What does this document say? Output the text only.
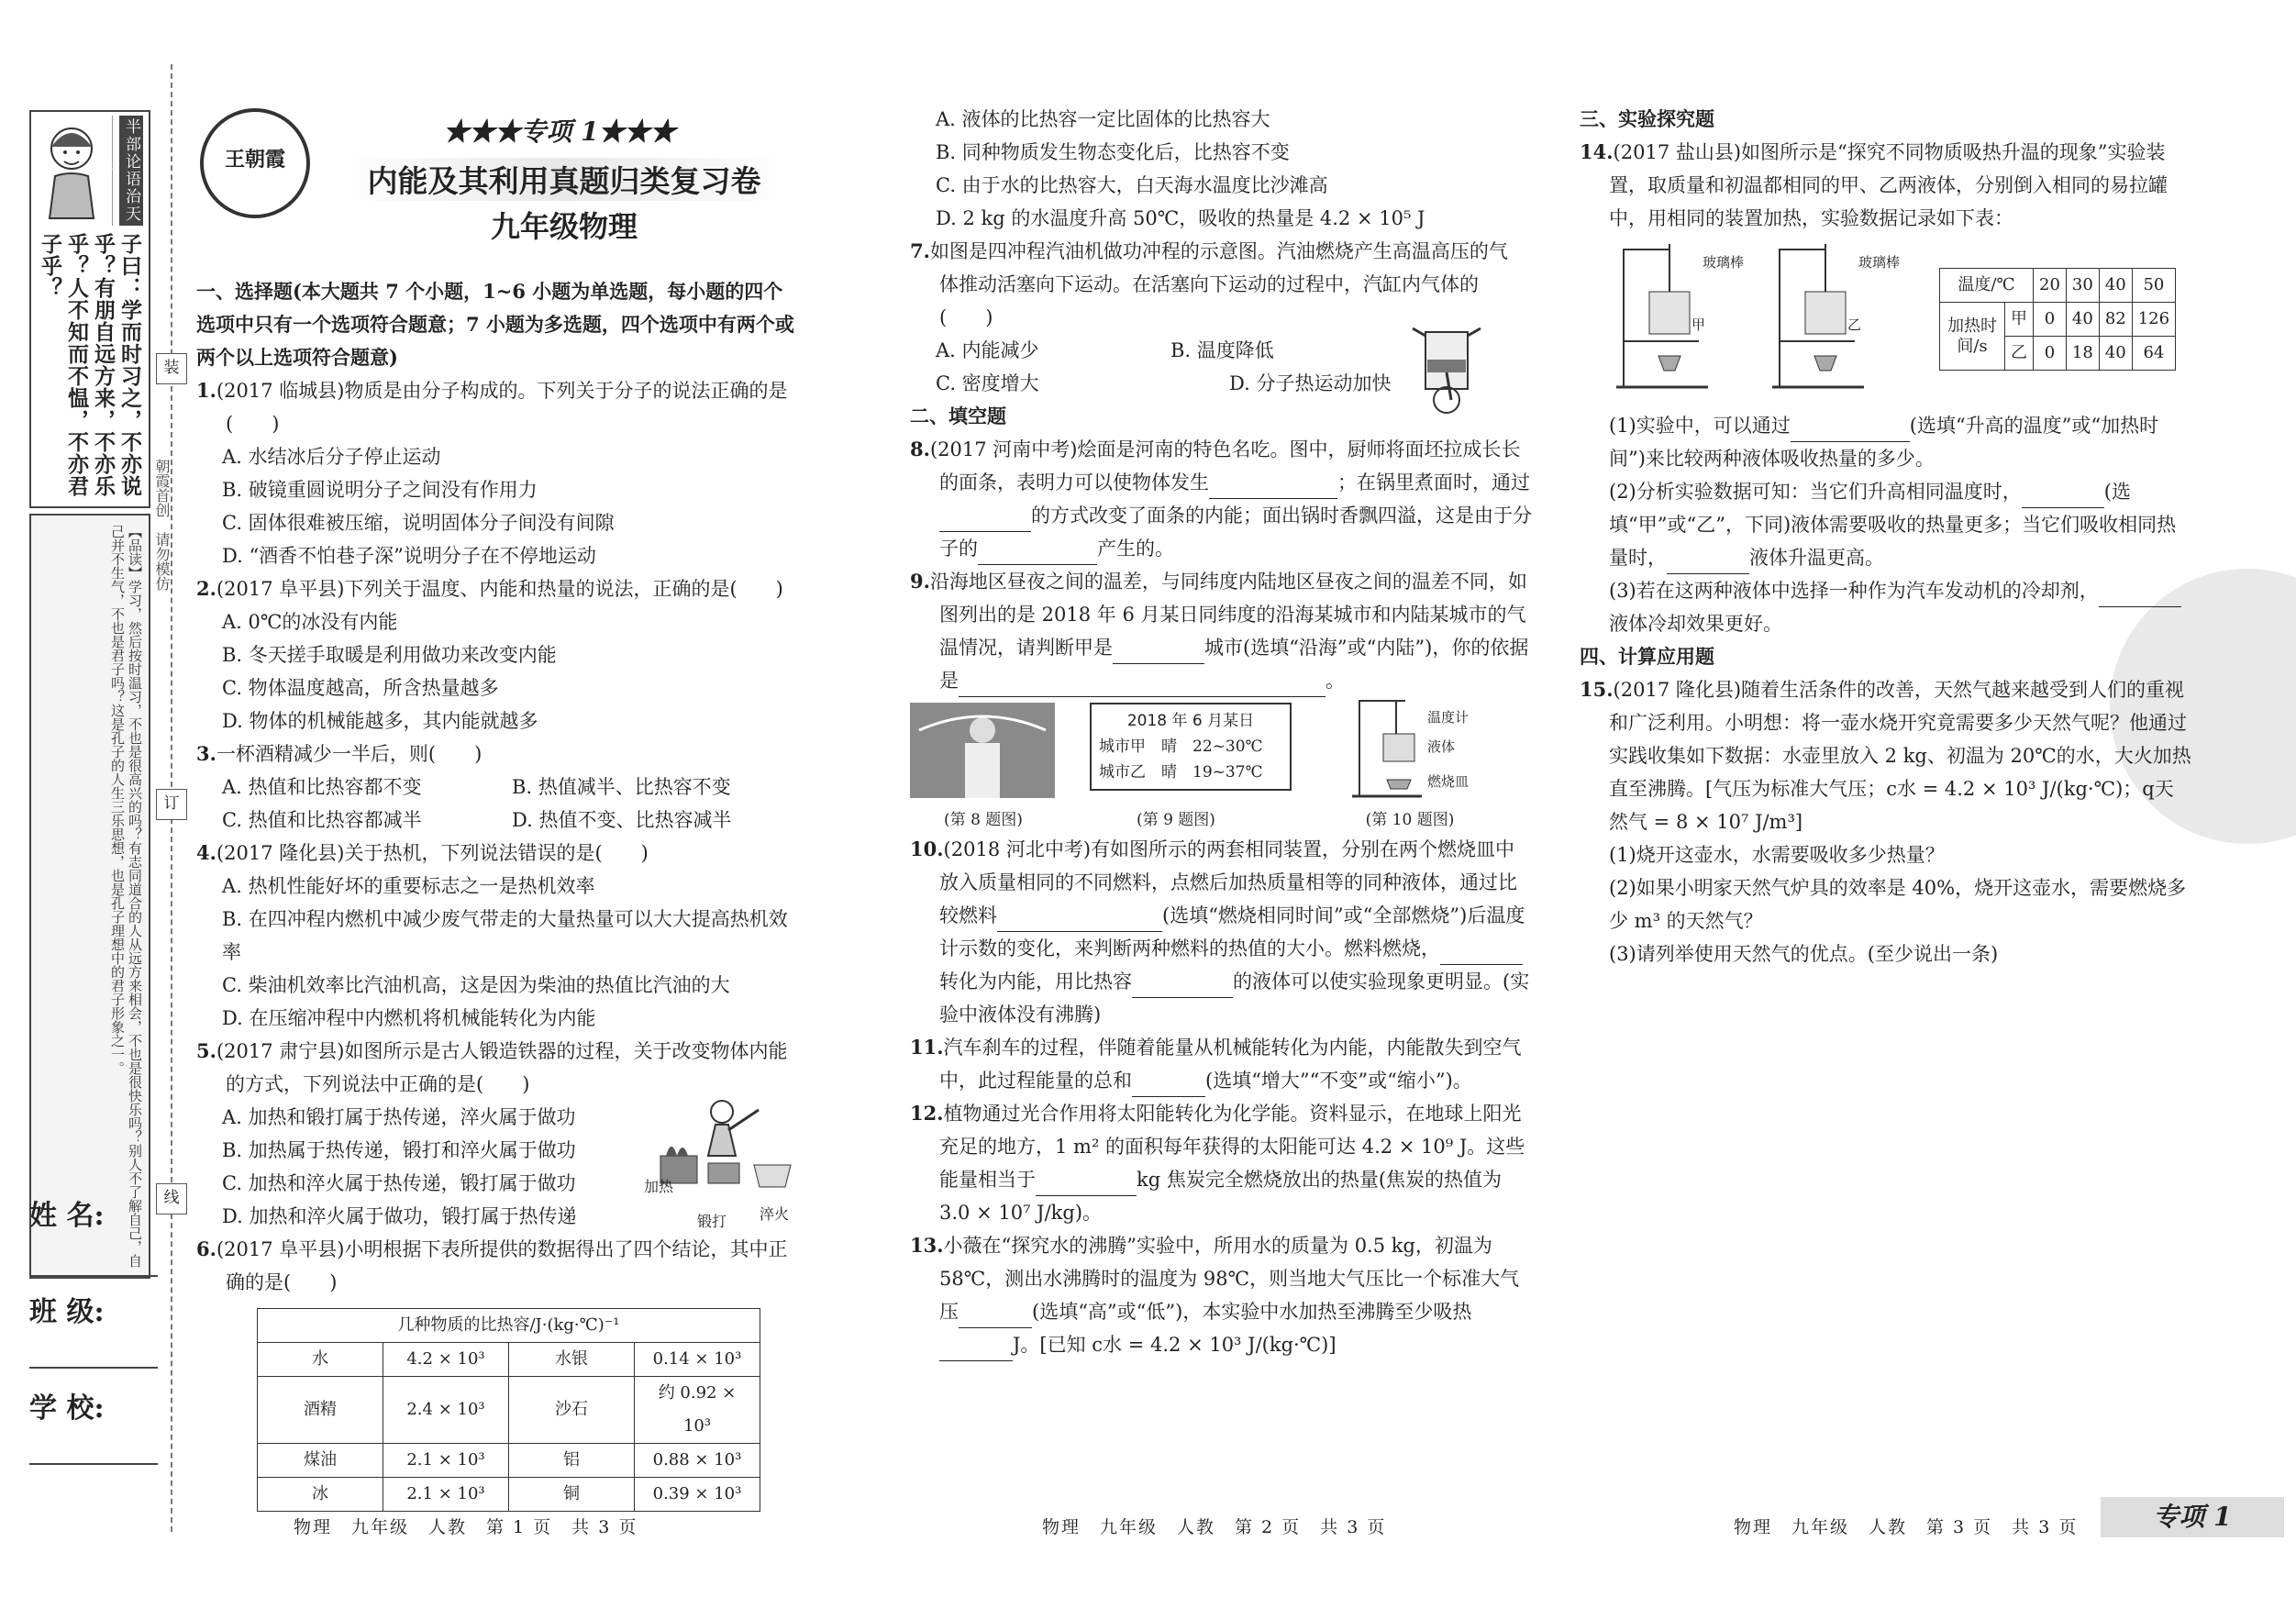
半部论语治天下
子曰：学而时习之，不亦说乎？有朋自远方来，不亦乐乎？人不知而不愠，不亦君子乎？
【品读】学习，然后按时温习，不也是很高兴的吗？有志同道合的人从远方来相会，不也是很快乐吗？别人不了解自己，自己并不生气，不也是君子吗？这是孔子的人生三乐思想，也是孔子理想中的君子形象之一。
装
订
线
朝霞首创　请勿模仿
姓 名:
班 级:
学 校:
王朝霞
★★★专项 1★★★
内能及其利用真题归类复习卷
九年级物理

一、选择题(本大题共 7 个小题，1~6 小题为单选题，每小题的四个选项中只有一个选项符合题意；7 小题为多选题，四个选项中有两个或两个以上选项符合题意)

1.(2017 临城县)物质是由分子构成的。下列关于分子的说法正确的是(　　)

A. 水结冰后分子停止运动

B. 破镜重圆说明分子之间没有作用力

C. 固体很难被压缩，说明固体分子间没有间隙

D. “酒香不怕巷子深”说明分子在不停地运动

2.(2017 阜平县)下列关于温度、内能和热量的说法，正确的是(　　)

A. 0℃的冰没有内能

B. 冬天搓手取暖是利用做功来改变内能

C. 物体温度越高，所含热量越多

D. 物体的机械能越多，其内能就越多

3.一杯酒精减少一半后，则(　　)

A. 热值和比热容都不变	B. 热值减半、比热容不变
C. 热值和比热容都减半	D. 热值不变、比热容减半

4.(2017 隆化县)关于热机，下列说法错误的是(　　)

A. 热机性能好坏的重要标志之一是热机效率

B. 在四冲程内燃机中减少废气带走的大量热量可以大大提高热机效率

C. 柴油机效率比汽油机高，这是因为柴油的热值比汽油的大

D. 在压缩冲程中内燃机将机械能转化为内能

5.(2017 肃宁县)如图所示是古人锻造铁器的过程，关于改变物体内能的方式，下列说法中正确的是(　　)

A. 加热和锻打属于热传递，淬火属于做功

B. 加热属于热传递，锻打和淬火属于做功

C. 加热和淬火属于热传递，锻打属于做功

D. 加热和淬火属于做功，锻打属于热传递

加热
锻打 淬火

6.(2017 阜平县)小明根据下表所提供的数据得出了四个结论，其中正确的是(　　)

几种物质的比热容/J·(kg·℃)⁻¹			
水	4.2 × 10³	水银	0.14 × 10³
酒精	2.4 × 10³	沙石	约 0.92 × 10³
煤油	2.1 × 10³	铝	0.88 × 10³
冰	2.1 × 10³	铜	0.39 × 10³

A. 液体的比热容一定比固体的比热容大

B. 同种物质发生物态变化后，比热容不变

C. 由于水的比热容大，白天海水温度比沙滩高

D. 2 kg 的水温度升高 50℃，吸收的热量是 4.2 × 10⁵ J

7.如图是四冲程汽油机做功冲程的示意图。汽油燃烧产生高温高压的气体推动活塞向下运动。在活塞向下运动的过程中，汽缸内气体的(　　)

A. 内能减少	B. 温度降低
C. 密度增大	D. 分子热运动加快

二、填空题

8.(2017 河南中考)烩面是河南的特色名吃。图中，厨师将面坯拉成长长的面条，表明力可以使物体发生	；在锅里煮面时，通过的方式改变了面条的内能；面出锅时香飘四溢，这是由于分子的	产生的。

9.沿海地区昼夜之间的温差，与同纬度内陆地区昼夜之间的温差不同，如图列出的是 2018 年 6 月某日同纬度的沿海某城市和内陆某城市的气温情况，请判断甲是	城市(选填“沿海”或“内陆”)，你的依据是	。

2018 年 6 月某日
城市甲　晴　22~30℃
城市乙　晴　19~37℃
温度计
液体
燃烧皿
(第 8 题图)	(第 9 题图)	(第 10 题图)

10.(2018 河北中考)有如图所示的两套相同装置，分别在两个燃烧皿中放入质量相同的不同燃料，点燃后加热质量相等的同种液体，通过比较燃料	(选填“燃烧相同时间”或“全部燃烧”)后温度计示数的变化，来判断两种燃料的热值的大小。燃料燃烧，转化为内能，用比热容	的液体可以使实验现象更明显。(实验中液体没有沸腾)

11.汽车刹车的过程，伴随着能量从机械能转化为内能，内能散失到空气中，此过程能量的总和	(选填“增大”“不变”或“缩小”)。

12.植物通过光合作用将太阳能转化为化学能。资料显示，在地球上阳光充足的地方，1 m² 的面积每年获得的太阳能可达 4.2 × 10⁹ J。这些能量相当于	kg 焦炭完全燃烧放出的热量(焦炭的热值为 3.0 × 10⁷ J/kg)。

13.小薇在“探究水的沸腾”实验中，所用水的质量为 0.5 kg，初温为 58℃，测出水沸腾时的温度为 98℃，则当地大气压比一个标准大气压	(选填“高”或“低”)，本实验中水加热至沸腾至少吸热J。[已知 c水 = 4.2 × 10³ J/(kg·℃)]

三、实验探究题

14.(2017 盐山县)如图所示是“探究不同物质吸热升温的现象”实验装置，取质量和初温都相同的甲、乙两液体，分别倒入相同的易拉罐中，用相同的装置加热，实验数据记录如下表：

玻璃棒
甲
玻璃棒
乙
温度/℃		20	30	40	50
加热时间/s	甲	0	40	82	126
	乙	0	18	40	64

(1)实验中，可以通过	(选填“升高的温度”或“加热时间”)来比较两种液体吸收热量的多少。

(2)分析实验数据可知：当它们升高相同温度时，	(选填“甲”或“乙”，下同)液体需要吸收的热量更多；当它们吸收相同热量时，	液体升温更高。

(3)若在这两种液体中选择一种作为汽车发动机的冷却剂，液体冷却效果更好。

四、计算应用题

15.(2017 隆化县)随着生活条件的改善，天然气越来越受到人们的重视和广泛利用。小明想：将一壶水烧开究竟需要多少天然气呢？他通过实践收集如下数据：水壶里放入 2 kg、初温为 20℃的水，大火加热直至沸腾。[气压为标准大气压；c水 = 4.2 × 10³ J/(kg·℃)；q天然气 = 8 × 10⁷ J/m³]

(1)烧开这壶水，水需要吸收多少热量？

(2)如果小明家天然气炉具的效率是 40%，烧开这壶水，需要燃烧多少 m³ 的天然气？

(3)请列举使用天然气的优点。(至少说出一条)

物理　九年级　人教　第 1 页　共 3 页	物理　九年级　人教　第 2 页　共 3 页	物理　九年级　人教　第 3 页　共 3 页	专项 1
